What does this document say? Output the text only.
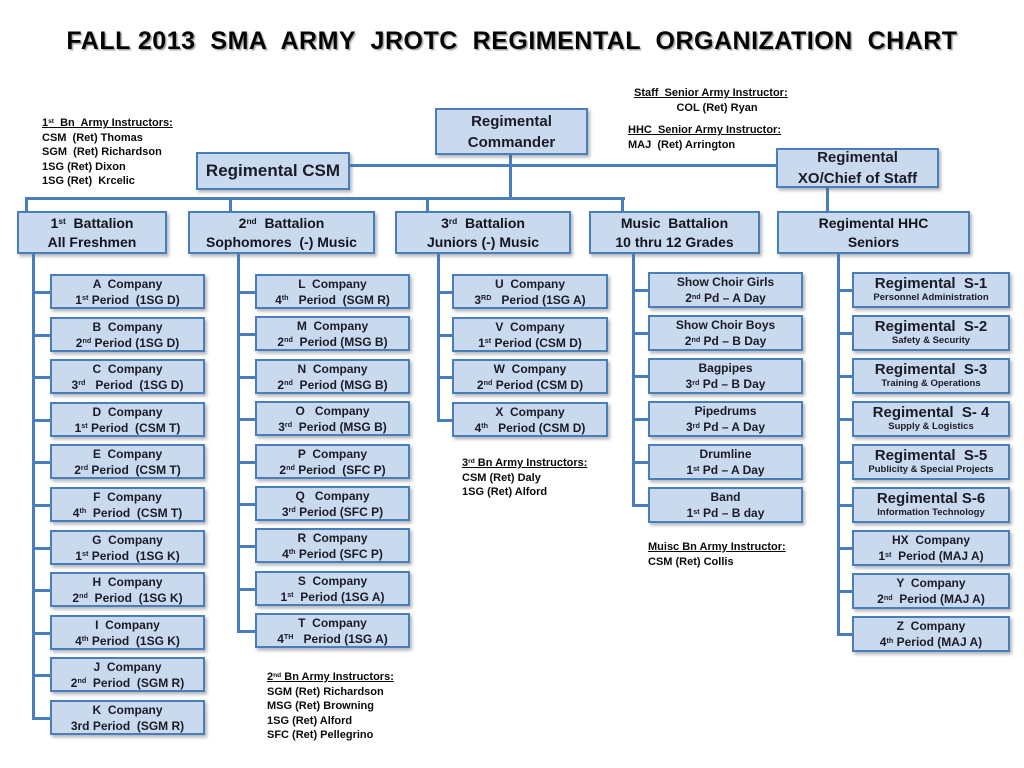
FALL 2013  SMA  ARMY  JROTC  REGIMENTAL  ORGANIZATION  CHART
Regimental
Commander
Regimental CSM
Regimental
XO/Chief of Staff
1st  Battalion
All Freshmen
2nd  Battalion
Sophomores  (-) Music
3rd  Battalion
Juniors (-) Music
Music  Battalion
10 thru 12 Grades
Regimental HHC
Seniors
A  Company
1st Period  (1SG D)
B  Company
2nd Period (1SG D)
C  Company
3rd   Period  (1SG D)
D  Company
1st Period  (CSM T)
E  Company
2rd Period  (CSM T)
F  Company
4th  Period  (CSM T)
G  Company
1st Period  (1SG K)
H  Company
2nd  Period  (1SG K)
I  Company
4th Period  (1SG K)
J  Company
2nd  Period  (SGM R)
K  Company
3rd Period  (SGM R)
L  Company
4th   Period  (SGM R)
M  Company
2nd  Period (MSG B)
N  Company
2nd  Period (MSG B)
O   Company
3rd  Period (MSG B)
P  Company
2nd Period  (SFC P)
Q   Company
3rd Period (SFC P)
R  Company
4th Period (SFC P)
S  Company
1st  Period (1SG A)
T  Company
4TH   Period (1SG A)
U  Company
3RD   Period (1SG A)
V  Company
1st Period (CSM D)
W  Company
2nd Period (CSM D)
X  Company
4th   Period (CSM D)
Show Choir Girls
2nd Pd – A Day
Show Choir Boys
2nd Pd – B Day
Bagpipes
3rd Pd – B Day
Pipedrums
3rd Pd – A Day
Drumline
1st Pd – A Day
Band
1st Pd – B day
Regimental  S-1
Personnel Administration
Regimental  S-2
Safety & Security
Regimental  S-3
Training & Operations
Regimental  S- 4
Supply & Logistics
Regimental  S-5
Publicity & Special Projects
Regimental S-6
Information Technology
HX  Company
1st  Period (MAJ A)
Y  Company
2nd  Period (MAJ A)
Z  Company
4th Period (MAJ A)
1st  Bn  Army Instructors:
CSM  (Ret) Thomas
SGM  (Ret) Richardson
1SG (Ret) Dixon
1SG (Ret)  Krcelic
Staff  Senior Army Instructor:
COL (Ret) Ryan
HHC  Senior Army Instructor:
MAJ  (Ret) Arrington
3rd Bn Army Instructors:
CSM (Ret) Daly
1SG (Ret) Alford
Muisc Bn Army Instructor:
CSM (Ret) Collis
2nd Bn Army Instructors:
SGM (Ret) Richardson
MSG (Ret) Browning
1SG (Ret) Alford
SFC (Ret) Pellegrino
